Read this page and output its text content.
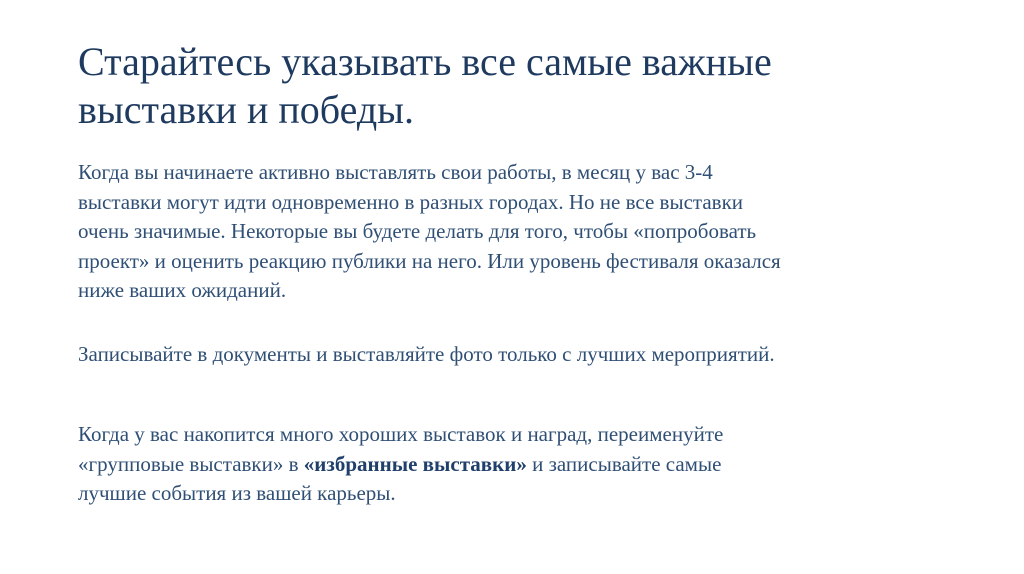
Старайтесь указывать все самые важные
выставки и победы.

Когда вы начинаете активно выставлять свои работы, в месяц у вас 3-4
выставки могут идти одновременно в разных городах. Но не все выставки
очень значимые. Некоторые вы будете делать для того, чтобы «попробовать
проект» и оценить реакцию публики на него. Или уровень фестиваля оказался
ниже ваших ожиданий.

Записывайте в документы и выставляйте фото только с лучших мероприятий.

Когда у вас накопится много хороших выставок и наград, переименуйте
«групповые выставки» в «избранные выставки» и записывайте самые
лучшие события из вашей карьеры.
